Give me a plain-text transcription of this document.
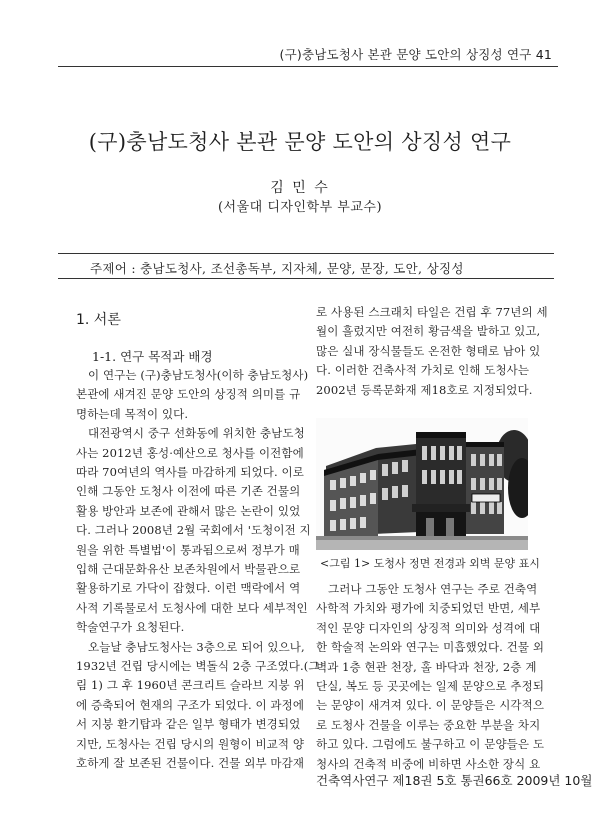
(구)충남도청사 본관 문양 도안의 상징성 연구 41
(구)충남도청사 본관 문양 도안의 상징성 연구
김 민 수
(서울대 디자인학부 부교수)
주제어 : 충남도청사, 조선총독부, 지자체, 문양, 문장, 도안, 상징성
1. 서론
1-1. 연구 목적과 배경
이 연구는 (구)충남도청사(이하 충남도청사)
본관에 새겨진 문양 도안의 상징적 의미를 규
명하는데 목적이 있다.
대전광역시 중구 선화동에 위치한 충남도청
사는 2012년 홍성·예산으로 청사를 이전함에
따라 70여년의 역사를 마감하게 되었다. 이로
인해 그동안 도청사 이전에 따른 기존 건물의
활용 방안과 보존에 관해서 많은 논란이 있었
다. 그러나 2008년 2월 국회에서 '도청이전 지
원을 위한 특별법'이 통과됨으로써 정부가 매
입해 근대문화유산 보존차원에서 박물관으로
활용하기로 가닥이 잡혔다. 이런 맥락에서 역
사적 기록물로서 도청사에 대한 보다 세부적인
학술연구가 요청된다.
오늘날 충남도청사는 3층으로 되어 있으나,
1932년 건립 당시에는 벽돌식 2층 구조였다.(그
림 1) 그 후 1960년 콘크리트 슬라브 지붕 위
에 증축되어 현재의 구조가 되었다. 이 과정에
서 지붕 환기탑과 같은 일부 형태가 변경되었
지만, 도청사는 건립 당시의 원형이 비교적 양
호하게 잘 보존된 건물이다. 건물 외부 마감재
로 사용된 스크래치 타일은 건립 후 77년의 세
월이 흘렀지만 여전히 황금색을 발하고 있고,
많은 실내 장식물들도 온전한 형태로 남아 있
다. 이러한 건축사적 가치로 인해 도청사는
2002년 등록문화재 제18호로 지정되었다.
<그림 1> 도청사 정면 전경과 외벽 문양 표시
그러나 그동안 도청사 연구는 주로 건축역
사학적 가치와 평가에 치중되었던 반면, 세부
적인 문양 디자인의 상징적 의미와 성격에 대
한 학술적 논의와 연구는 미흡했었다. 건물 외
벽과 1층 현관 천장, 홀 바닥과 천장, 2층 계
단실, 복도 등 곳곳에는 일제 문양으로 추정되
는 문양이 새겨져 있다. 이 문양들은 시각적으
로 도청사 건물을 이루는 중요한 부분을 차지
하고 있다. 그럼에도 불구하고 이 문양들은 도
청사의 건축적 비중에 비하면 사소한 장식 요
건축역사연구 제18권 5호 통권66호 2009년 10월
